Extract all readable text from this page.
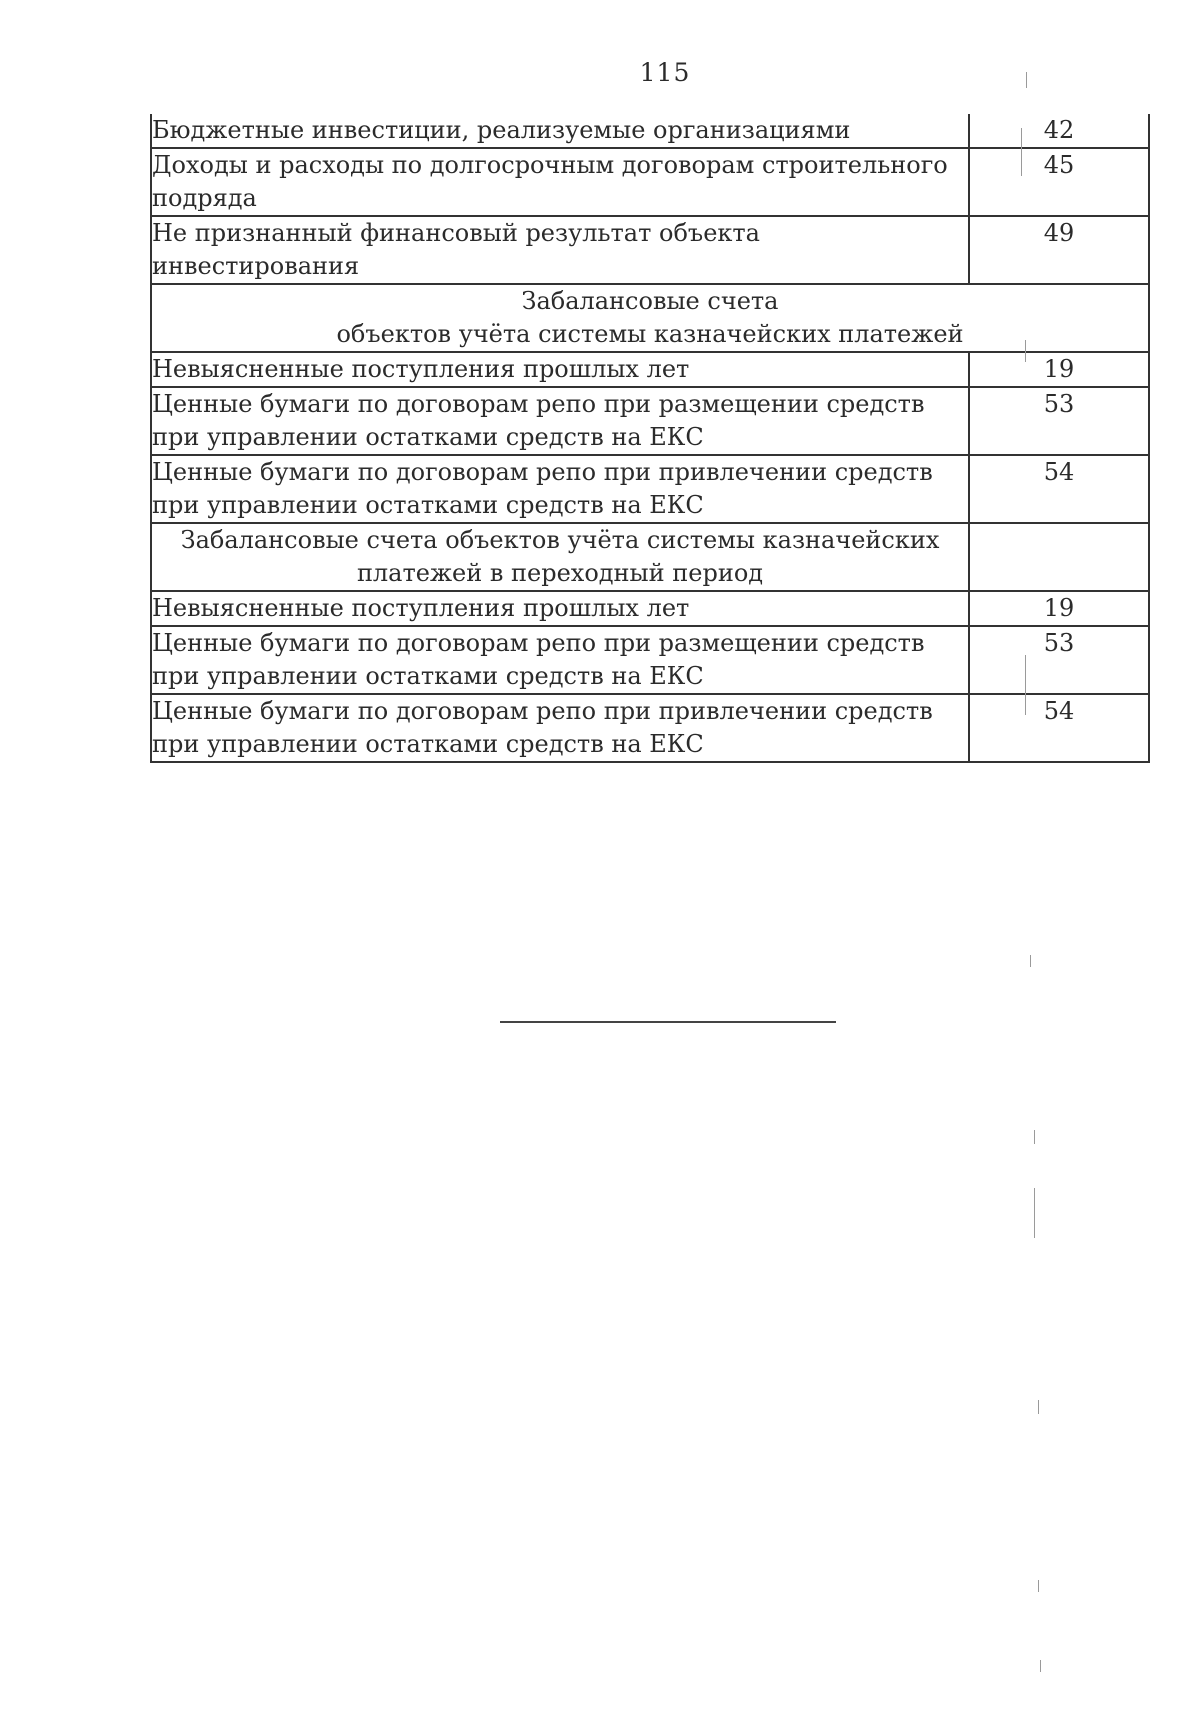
115
Бюджетные инвестиции, реализуемые организациями	42
Доходы и расходы по долгосрочным договорам строительного подряда	45
Не признанный финансовый результат объекта инвестирования	49

Забалансовые счета
объектов учёта системы казначейских платежей	

Невыясненные поступления прошлых лет	19
Ценные бумаги по договорам репо при размещении средств при управлении остатками средств на ЕКС	53
Ценные бумаги по договорам репо при привлечении средств при управлении остатками средств на ЕКС	54

Забалансовые счета объектов учёта системы казначейских
платежей в переходный период	

Невыясненные поступления прошлых лет	19
Ценные бумаги по договорам репо при размещении средств при управлении остатками средств на ЕКС	53
Ценные бумаги по договорам репо при привлечении средств при управлении остатками средств на ЕКС	54
